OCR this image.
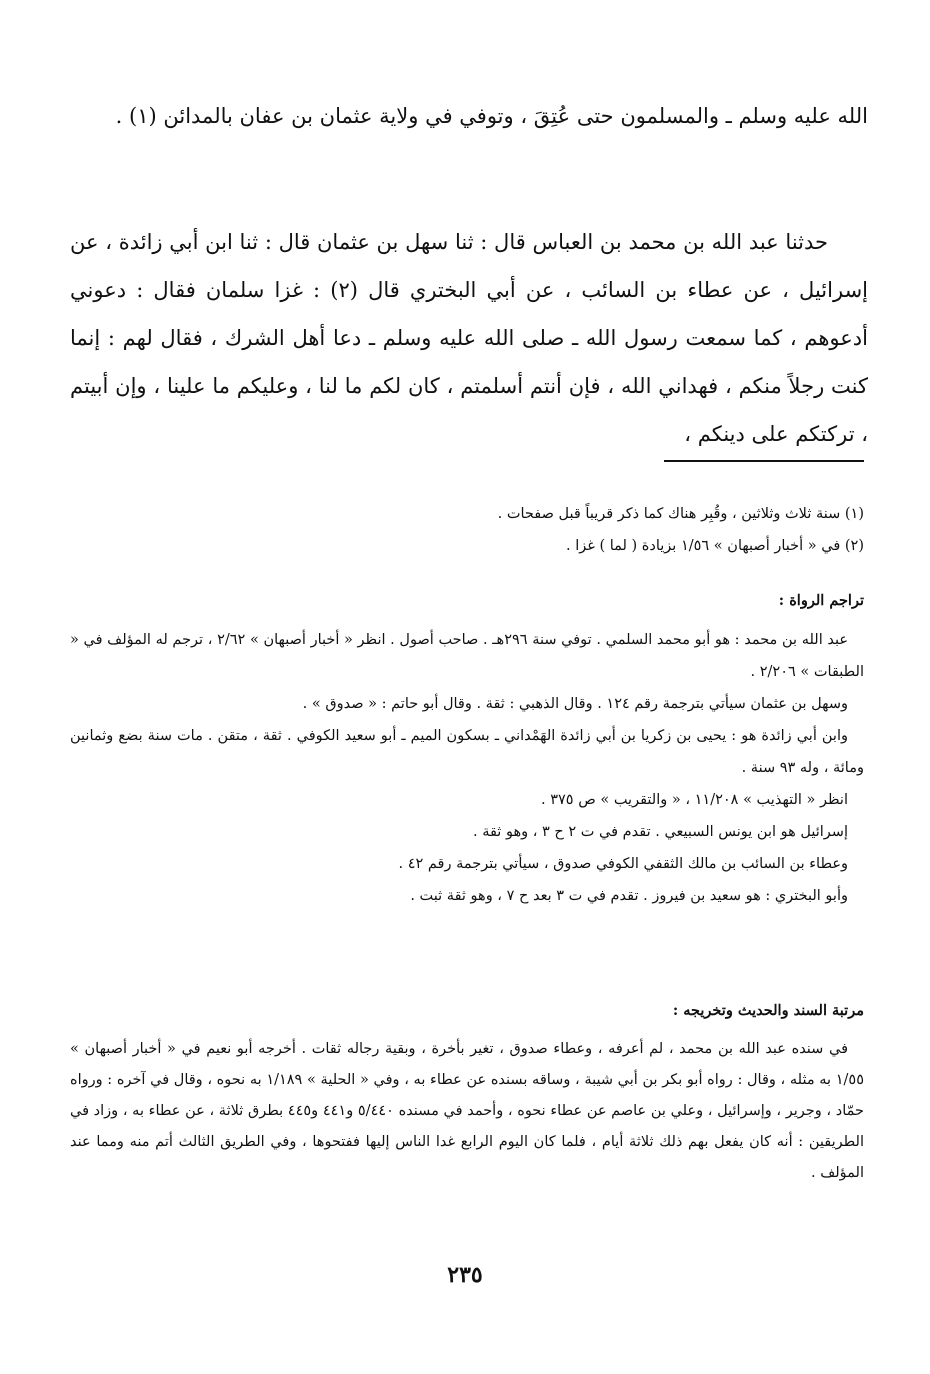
الله عليه وسلم ـ والمسلمون حتى عُتِقَ ، وتوفي في ولاية عثمان بن عفان بالمدائن (١) .

حدثنا عبد الله بن محمد بن العباس قال : ثنا سهل بن عثمان قال : ثنا ابن أبي زائدة ، عن إسرائيل ، عن عطاء بن السائب ، عن أبي البختري قال (٢) : غزا سلمان فقال : دعوني أدعوهم ، كما سمعت رسول الله ـ صلى الله عليه وسلم ـ دعا أهل الشرك ، فقال لهم : إنما كنت رجلاً منكم ، فهداني الله ، فإن أنتم أسلمتم ، كان لكم ما لنا ، وعليكم ما علينا ، وإن أبيتم ، تركتكم على دينكم ،

(١) سنة ثلاث وثلاثين ، وقُبِر هناك كما ذكر قريباً قبل صفحات .
(٢) في « أخبار أصبهان » ١/٥٦ بزيادة ( لما ) غزا .
تراجم الرواة :

عبد الله بن محمد : هو أبو محمد السلمي . توفي سنة ٢٩٦هـ . صاحب أصول . انظر « أخبار أصبهان » ٢/٦٢ ، ترجم له المؤلف في « الطبقات » ٢/٢٠٦ .

وسهل بن عثمان سيأتي بترجمة رقم ١٢٤ . وقال الذهبي : ثقة . وقال أبو حاتم : « صدوق » .

وابن أبي زائدة هو : يحيى بن زكريا بن أبي زائدة الهَمْداني ـ بسكون الميم ـ أبو سعيد الكوفي . ثقة ، متقن . مات سنة بضع وثمانين ومائة ، وله ٩٣ سنة .

انظر « التهذيب » ١١/٢٠٨ ، « والتقريب » ص ٣٧٥ .

إسرائيل هو ابن يونس السبيعي . تقدم في ت ٢ ح ٣ ، وهو ثقة .

وعطاء بن السائب بن مالك الثقفي الكوفي صدوق ، سيأتي بترجمة رقم ٤٢ .

وأبو البختري : هو سعيد بن فيروز . تقدم في ت ٣ بعد ح ٧ ، وهو ثقة ثبت .

مرتبة السند والحديث وتخريجه :

في سنده عبد الله بن محمد ، لم أعرفه ، وعطاء صدوق ، تغير بأخرة ، وبقية رجاله ثقات . أخرجه أبو نعيم في « أخبار أصبهان » ١/٥٥ به مثله ، وقال : رواه أبو بكر بن أبي شيبة ، وساقه بسنده عن عطاء به ، وفي « الحلية » ١/١٨٩ به نحوه ، وقال في آخره : ورواه حمّاد ، وجرير ، وإسرائيل ، وعلي بن عاصم عن عطاء نحوه ، وأحمد في مسنده ٥/٤٤٠ و٤٤١ و٤٤٥ بطرق ثلاثة ، عن عطاء به ، وزاد في الطريقين : أنه كان يفعل بهم ذلك ثلاثة أيام ، فلما كان اليوم الرابع غدا الناس إليها ففتحوها ، وفي الطريق الثالث أتم منه ومما عند المؤلف .

٢٣٥
